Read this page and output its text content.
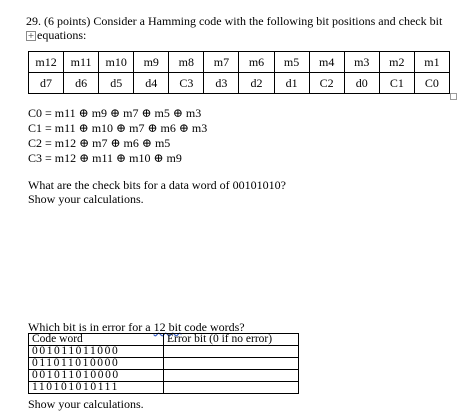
29. (6 points) Consider a Hamming code with the following bit positions and check bit
+ equations:
m12	m11	m10	m9	m8	m7	m6	m5	m4	m3	m2	m1
d7	d6	d5	d4	C3	d3	d2	d1	C2	d0	C1	C0
C0 = m11 ⊕ m9 ⊕ m7 ⊕ m5 ⊕ m3
C1 = m11 ⊕ m10 ⊕ m7 ⊕ m6 ⊕ m3
C2 = m12 ⊕ m7 ⊕ m6 ⊕ m5
C3 = m12 ⊕ m11 ⊕ m10 ⊕ m9
What are the check bits for a data word of 00101010?
Show your calculations.
Which bit is in error for a 12 bit code words?
Code word	Error bit (0 if no error)
001011011000	
011011010000	
001011010000	
110101010111	
Show your calculations.
